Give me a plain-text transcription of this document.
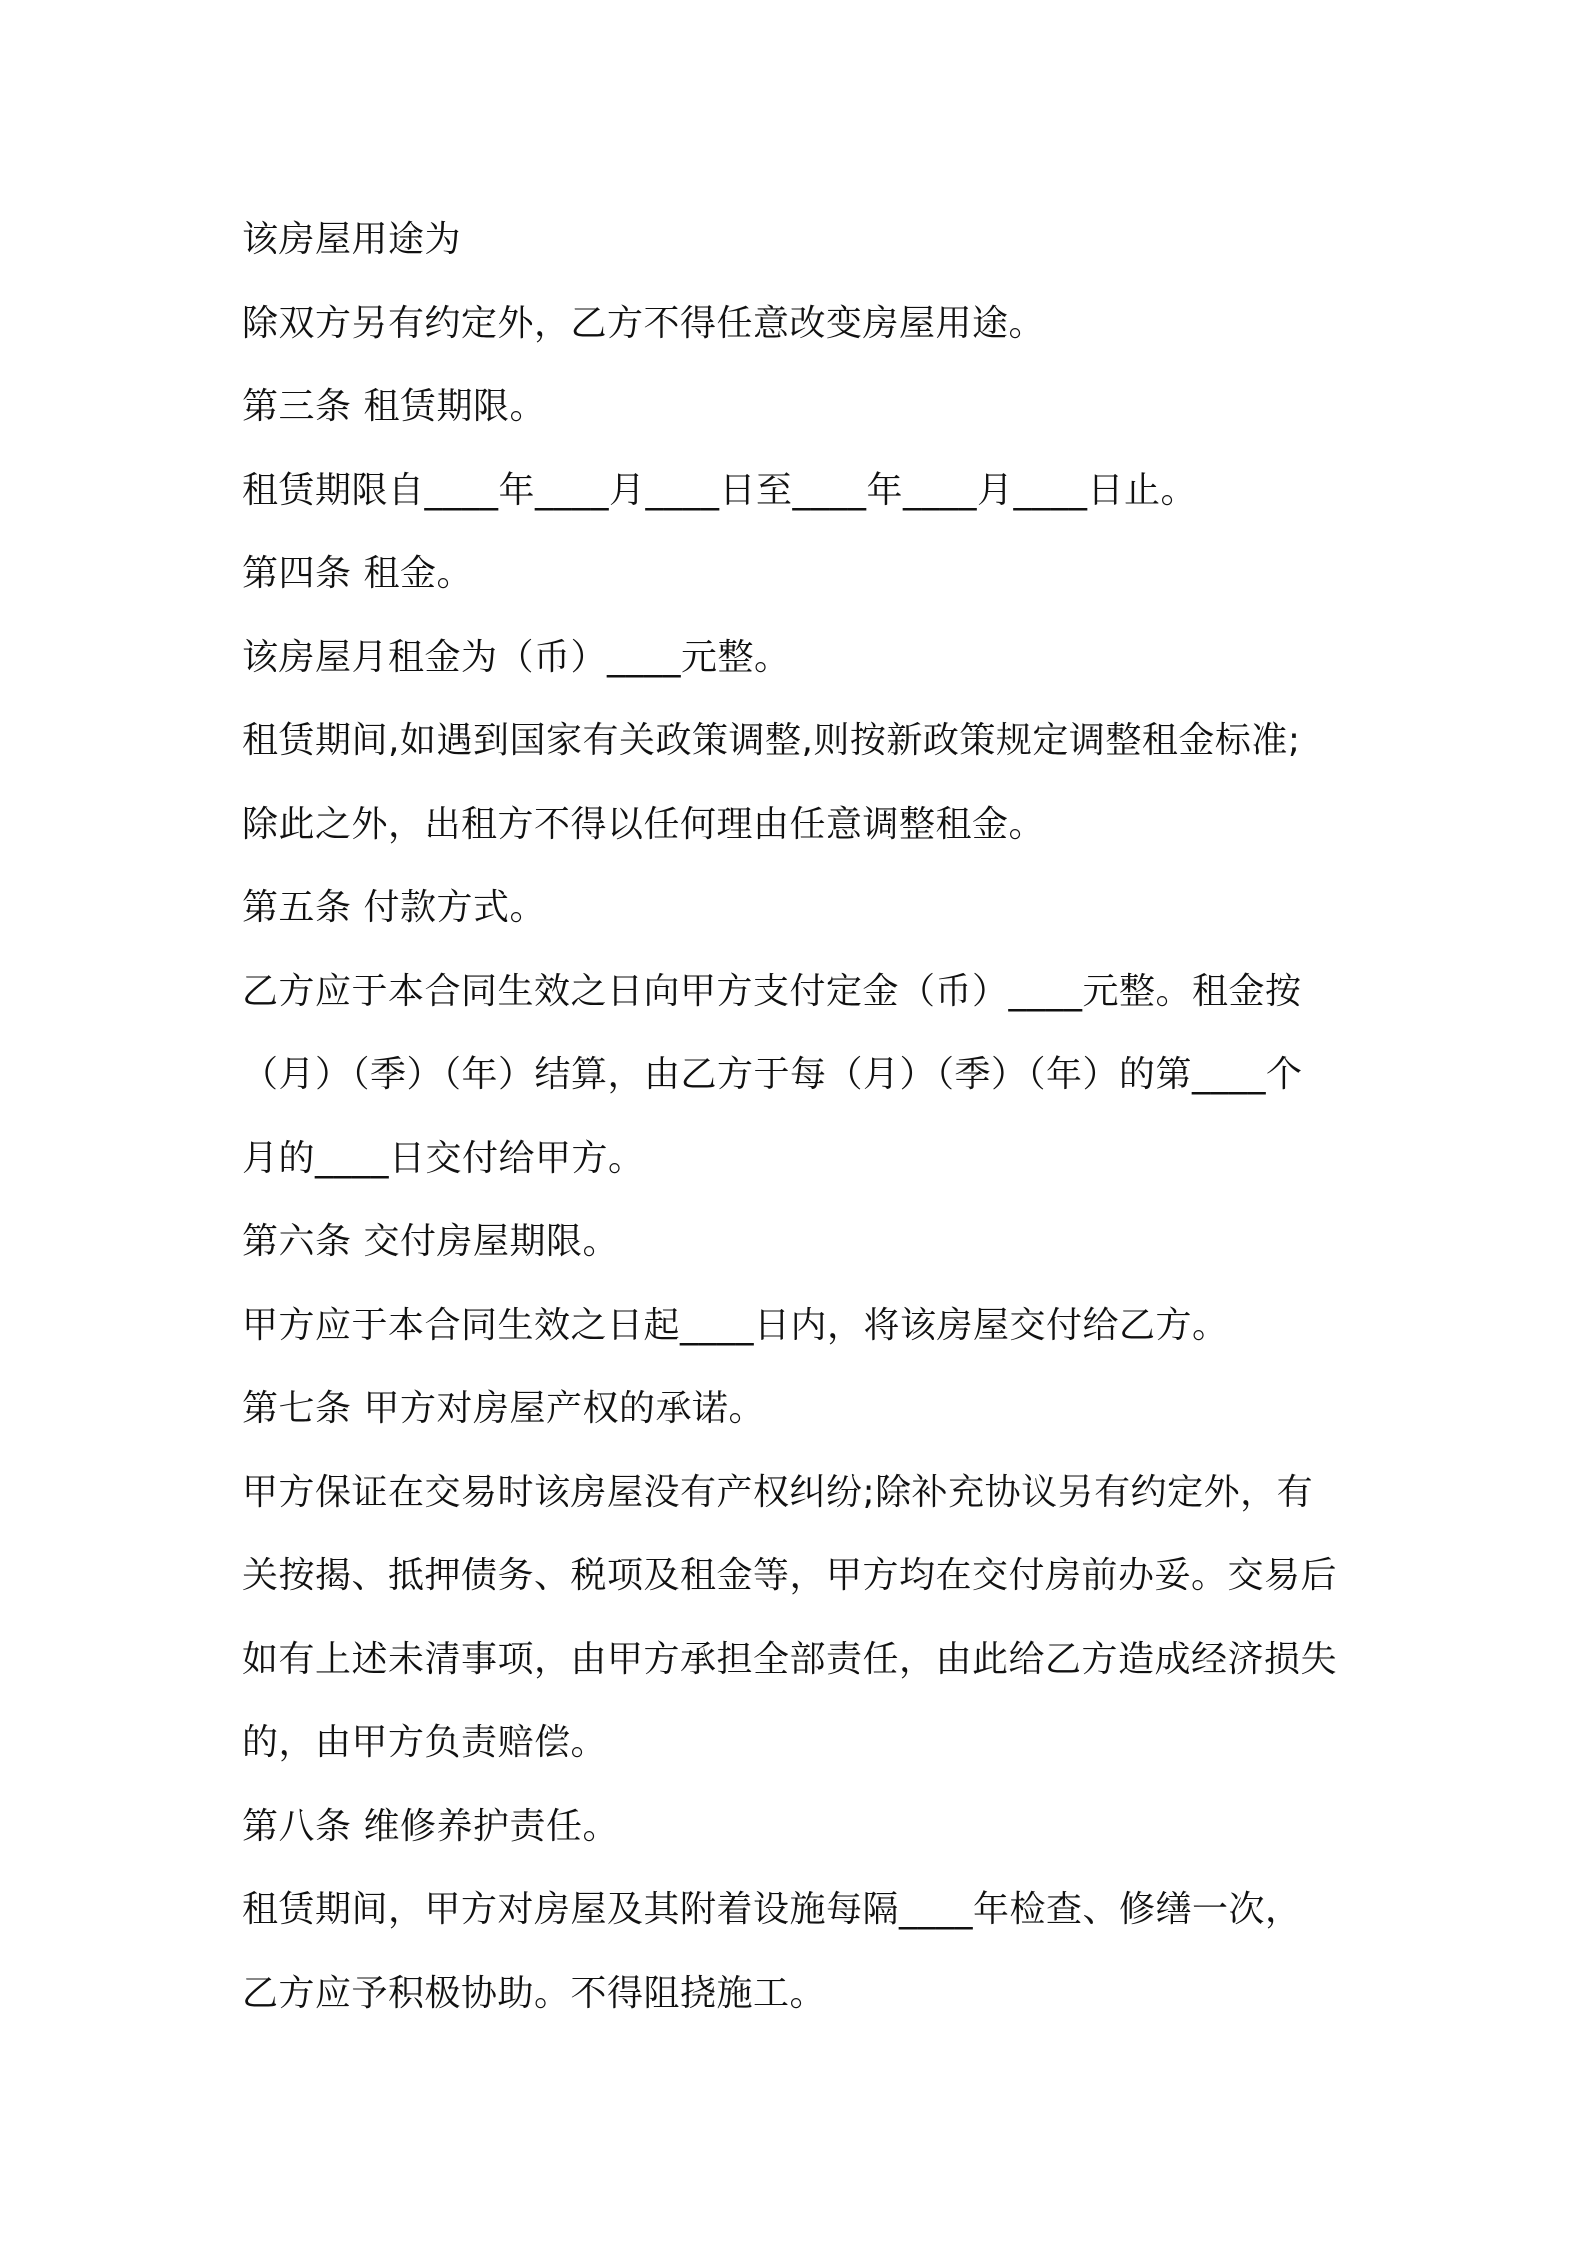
该房屋用途为
除双方另有约定外，乙方不得任意改变房屋用途。
第三条 租赁期限。
租赁期限自____年____月____日至____年____月____日止。
第四条 租金。
该房屋月租金为（币）____元整。
租赁期间,如遇到国家有关政策调整,则按新政策规定调整租金标准;
除此之外，出租方不得以任何理由任意调整租金。
第五条 付款方式。
乙方应于本合同生效之日向甲方支付定金（币）____元整。租金按
（月）（季）（年）结算，由乙方于每（月）（季）（年）的第____个
月的____日交付给甲方。
第六条 交付房屋期限。
甲方应于本合同生效之日起____日内，将该房屋交付给乙方。
第七条 甲方对房屋产权的承诺。
甲方保证在交易时该房屋没有产权纠纷;除补充协议另有约定外，有
关按揭、抵押债务、税项及租金等，甲方均在交付房前办妥。交易后
如有上述未清事项，由甲方承担全部责任，由此给乙方造成经济损失
的，由甲方负责赔偿。
第八条 维修养护责任。
租赁期间，甲方对房屋及其附着设施每隔____年检查、修缮一次，
乙方应予积极协助。不得阻挠施工。
